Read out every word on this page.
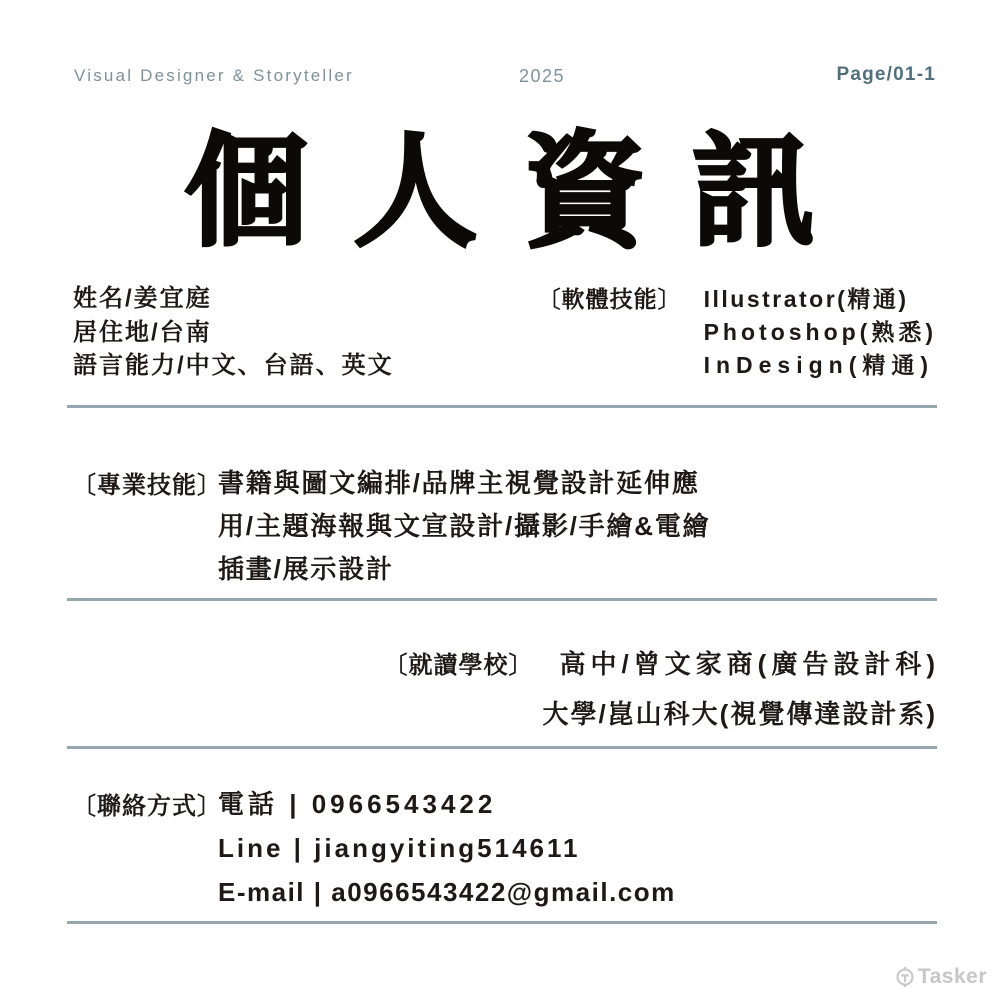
Visual Designer & Storyteller	2025	Page/01-1
個人資訊
姓名/姜宜庭
居住地/台南
語言能力/中文、台語、英文
〔軟體技能〕 Illustrator(精通)
Photoshop(熟悉)
InDesign(精通)
〔專業技能〕
書籍與圖文編排/品牌主視覺設計延伸應
用/主題海報與文宣設計/攝影/手繪&電繪
插畫/展示設計
〔就讀學校〕 高中/曾文家商(廣告設計科)
大學/崑山科大(視覺傳達設計系)
〔聯絡方式〕
電話 | 0966543422
Line | jiangyiting514611
E-mail | a0966543422@gmail.com
Tasker
